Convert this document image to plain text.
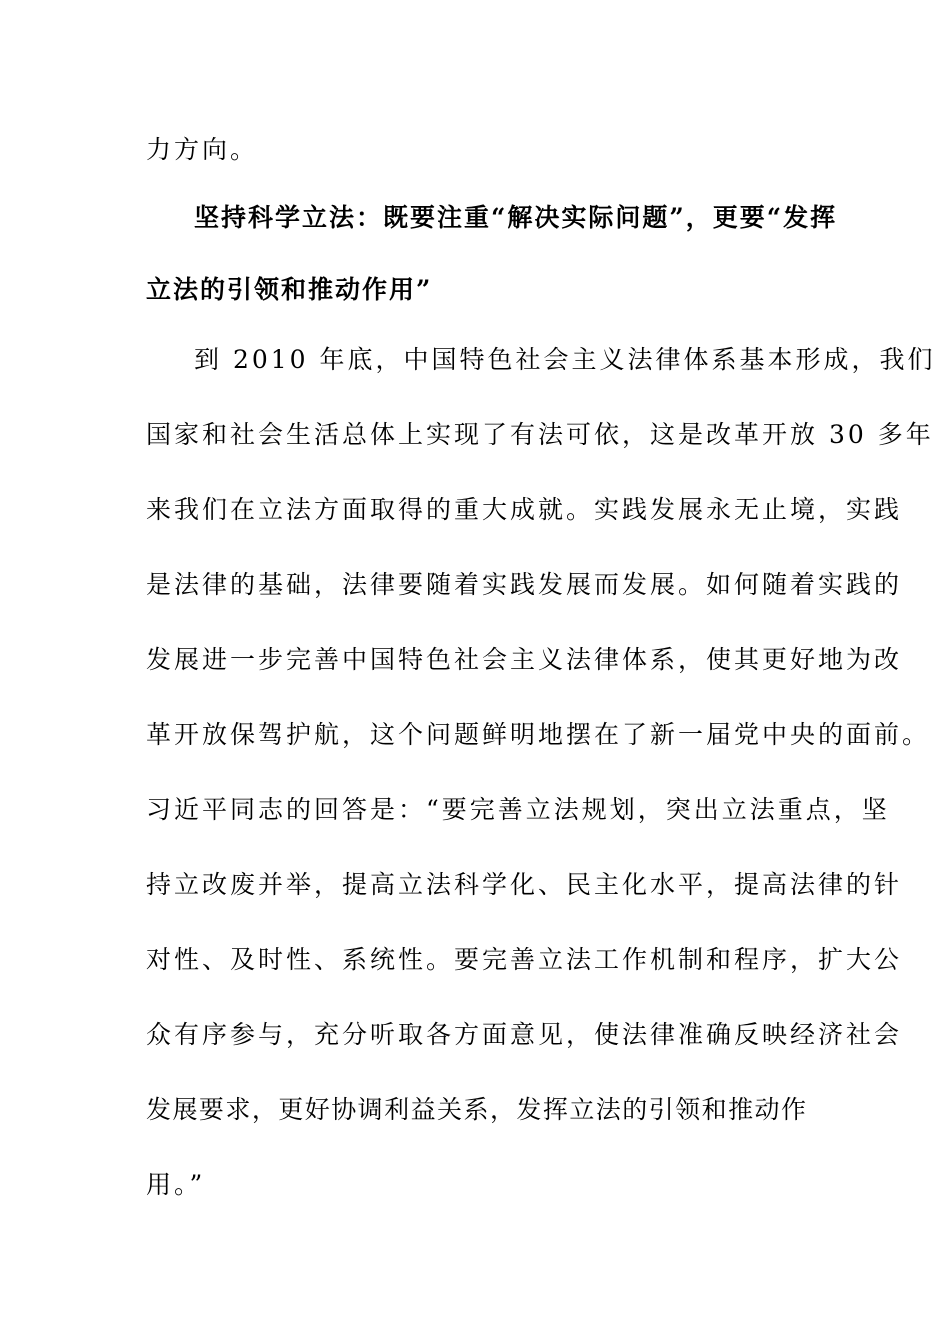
力方向。
坚持科学立法：既要注重“解决实际问题”，更要“发挥
立法的引领和推动作用”
到 2010 年底，中国特色社会主义法律体系基本形成，我们
国家和社会生活总体上实现了有法可依，这是改革开放 30 多年
来我们在立法方面取得的重大成就。实践发展永无止境，实践
是法律的基础，法律要随着实践发展而发展。如何随着实践的
发展进一步完善中国特色社会主义法律体系，使其更好地为改
革开放保驾护航，这个问题鲜明地摆在了新一届党中央的面前。
习近平同志的回答是：“要完善立法规划，突出立法重点，坚
持立改废并举，提高立法科学化、民主化水平，提高法律的针
对性、及时性、系统性。要完善立法工作机制和程序，扩大公
众有序参与，充分听取各方面意见，使法律准确反映经济社会
发展要求，更好协调利益关系，发挥立法的引领和推动作
用。”
